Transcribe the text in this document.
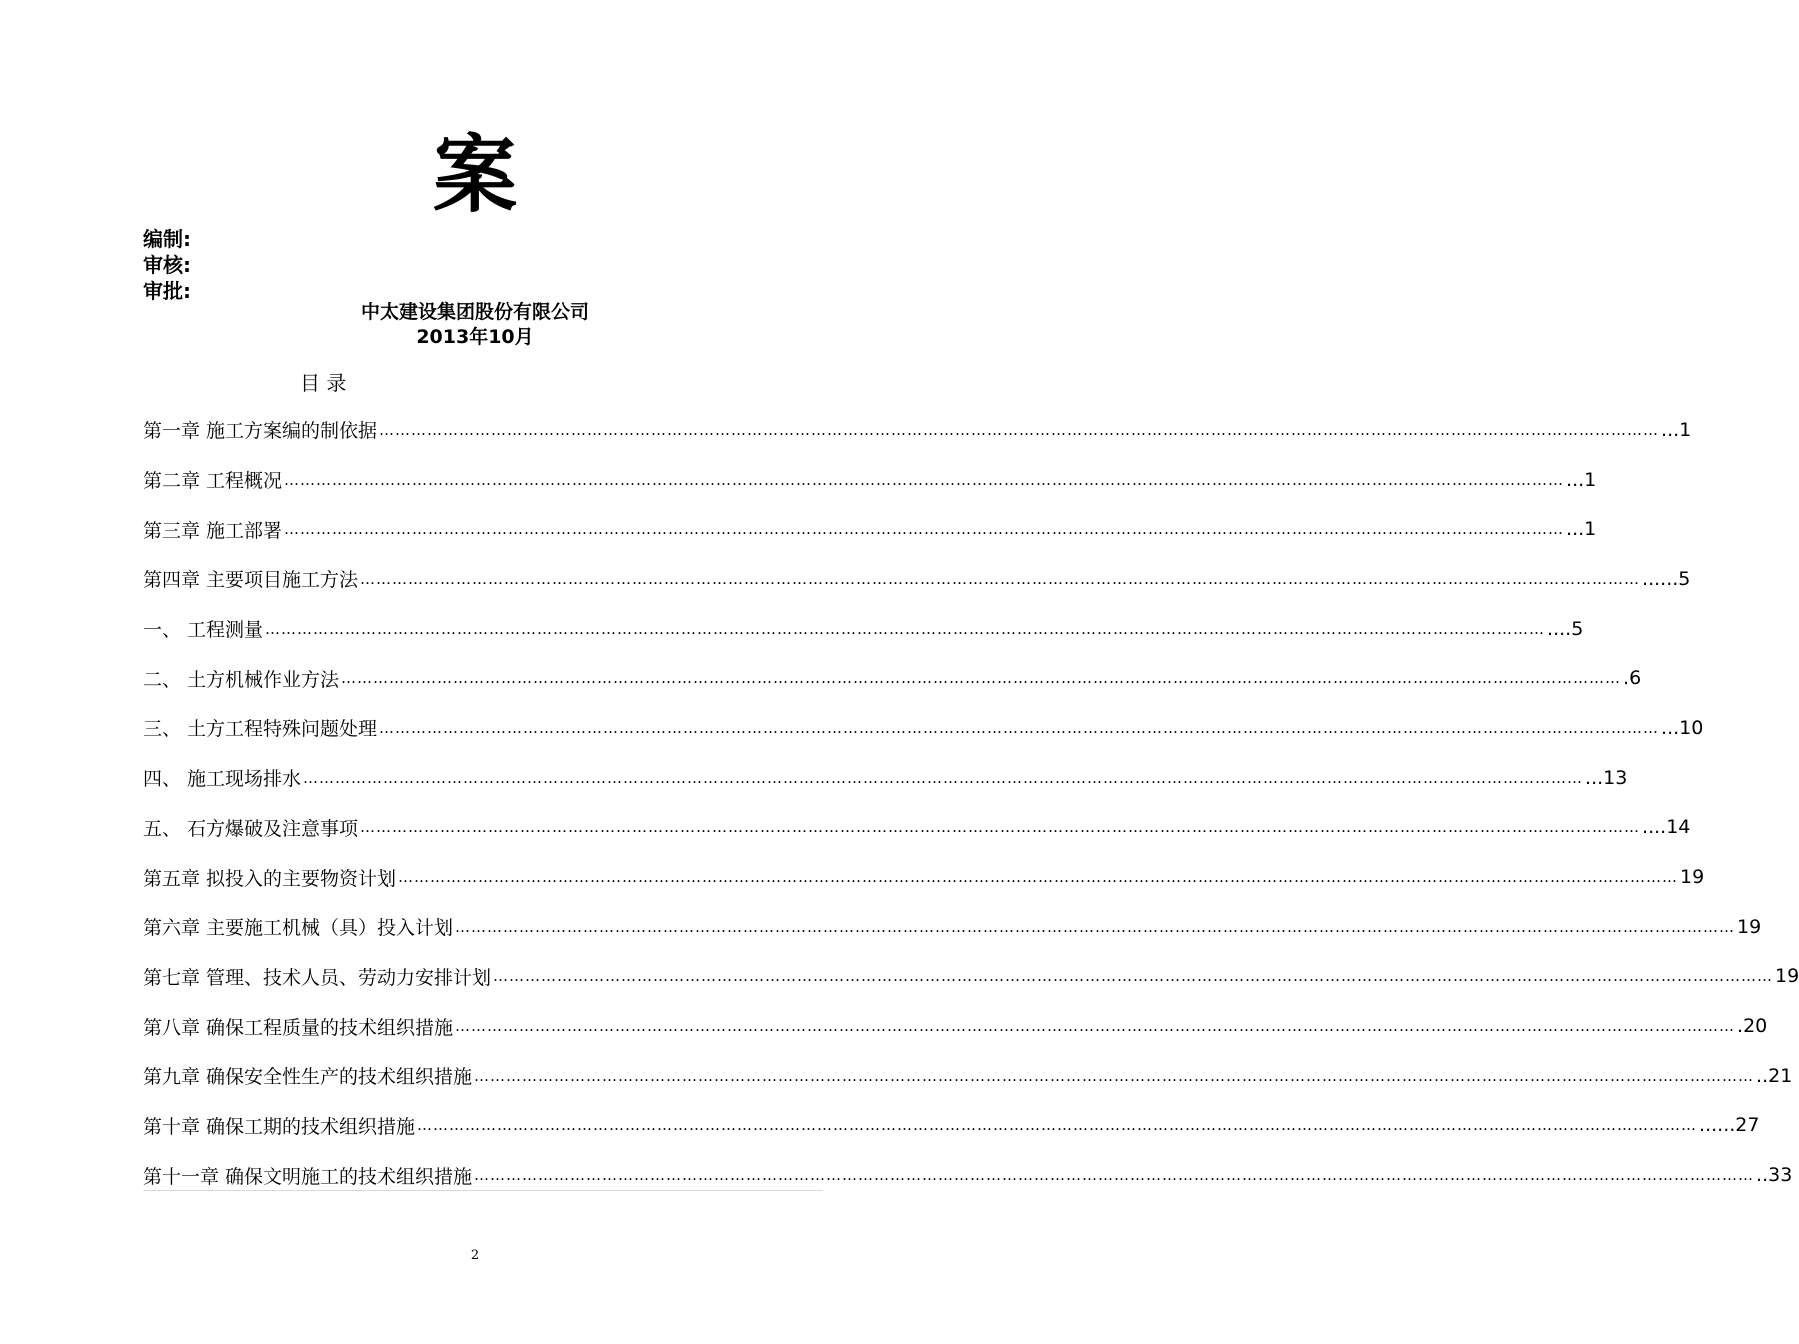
案
编制:
审核:
审批:
中太建设集团股份有限公司
2013年10月
目 录
第一章 施工方案编的制依据 …………………………………………………………………………………………………………………………………………………………………………………………………………………… ...1
第二章 工程概况 …………………………………………………………………………………………………………………………………………………………………………………………………………………… ...1
第三章 施工部署 …………………………………………………………………………………………………………………………………………………………………………………………………………………… ...1
第四章 主要项目施工方法 …………………………………………………………………………………………………………………………………………………………………………………………………………………… ......5
一、 工程测量 …………………………………………………………………………………………………………………………………………………………………………………………………………………… ....5
二、 土方机械作业方法 …………………………………………………………………………………………………………………………………………………………………………………………………………………… .6
三、 土方工程特殊问题处理 …………………………………………………………………………………………………………………………………………………………………………………………………………………… ...10
四、 施工现场排水 …………………………………………………………………………………………………………………………………………………………………………………………………………………… ...13
五、 石方爆破及注意事项 …………………………………………………………………………………………………………………………………………………………………………………………………………………… ....14
第五章 拟投入的主要物资计划 …………………………………………………………………………………………………………………………………………………………………………………………………………………… 19
第六章 主要施工机械（具）投入计划 …………………………………………………………………………………………………………………………………………………………………………………………………………………… 19
第七章 管理、技术人员、劳动力安排计划 …………………………………………………………………………………………………………………………………………………………………………………………………………………… 19
第八章 确保工程质量的技术组织措施 …………………………………………………………………………………………………………………………………………………………………………………………………………………… .20
第九章 确保安全性生产的技术组织措施 …………………………………………………………………………………………………………………………………………………………………………………………………………………… ..21
第十章 确保工期的技术组织措施 …………………………………………………………………………………………………………………………………………………………………………………………………………………… ......27
第十一章 确保文明施工的技术组织措施 …………………………………………………………………………………………………………………………………………………………………………………………………………………… ..33
2
